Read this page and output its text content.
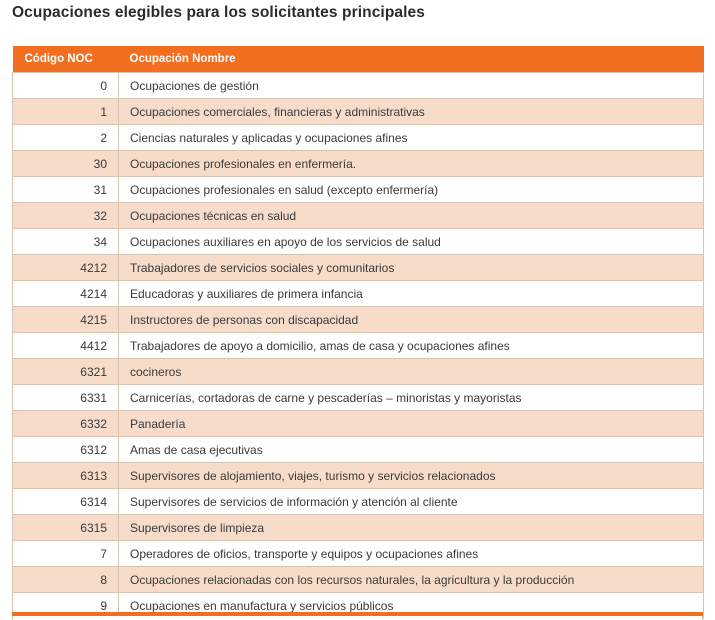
Ocupaciones elegibles para los solicitantes principales
Código NOC	Ocupación Nombre
0	Ocupaciones de gestión
1	Ocupaciones comerciales, financieras y administrativas
2	Ciencias naturales y aplicadas y ocupaciones afines
30	Ocupaciones profesionales en enfermería.
31	Ocupaciones profesionales en salud (excepto enfermería)
32	Ocupaciones técnicas en salud
34	Ocupaciones auxiliares en apoyo de los servicios de salud
4212	Trabajadores de servicios sociales y comunitarios
4214	Educadoras y auxiliares de primera infancia
4215	Instructores de personas con discapacidad
4412	Trabajadores de apoyo a domicilio, amas de casa y ocupaciones afines
6321	cocineros
6331	Carnicerías, cortadoras de carne y pescaderías – minoristas y mayoristas
6332	Panadería
6312	Amas de casa ejecutivas
6313	Supervisores de alojamiento, viajes, turismo y servicios relacionados
6314	Supervisores de servicios de información y atención al cliente
6315	Supervisores de limpieza
7	Operadores de oficios, transporte y equipos y ocupaciones afines
8	Ocupaciones relacionadas con los recursos naturales, la agricultura y la producción
9	Ocupaciones en manufactura y servicios públicos
